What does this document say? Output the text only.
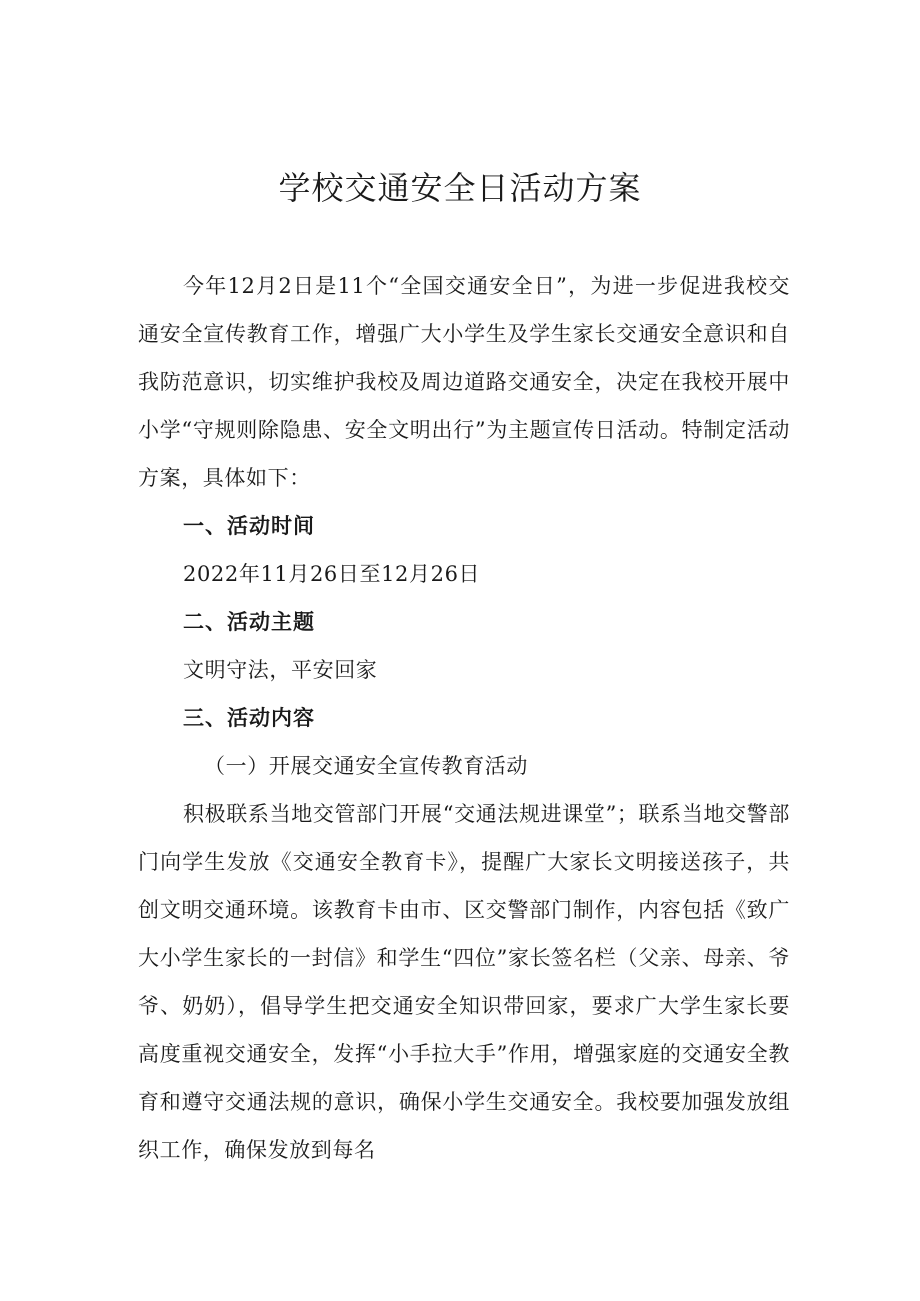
学校交通安全日活动方案

今年12月2日是11个“全国交通安全日”，为进一步促进我校交通安全宣传教育工作，增强广大小学生及学生家长交通安全意识和自我防范意识，切实维护我校及周边道路交通安全，决定在我校开展中小学“守规则除隐患、安全文明出行”为主题宣传日活动。特制定活动方案，具体如下：

一、活动时间

2022年11月26日至12月26日

二、活动主题

文明守法，平安回家

三、活动内容

（一）开展交通安全宣传教育活动

积极联系当地交管部门开展“交通法规进课堂”；联系当地交警部门向学生发放《交通安全教育卡》，提醒广大家长文明接送孩子，共创文明交通环境。该教育卡由市、区交警部门制作，内容包括《致广大小学生家长的一封信》和学生“四位”家长签名栏（父亲、母亲、爷爷、奶奶），倡导学生把交通安全知识带回家，要求广大学生家长要高度重视交通安全，发挥“小手拉大手”作用，增强家庭的交通安全教育和遵守交通法规的意识，确保小学生交通安全。我校要加强发放组织工作，确保发放到每名
